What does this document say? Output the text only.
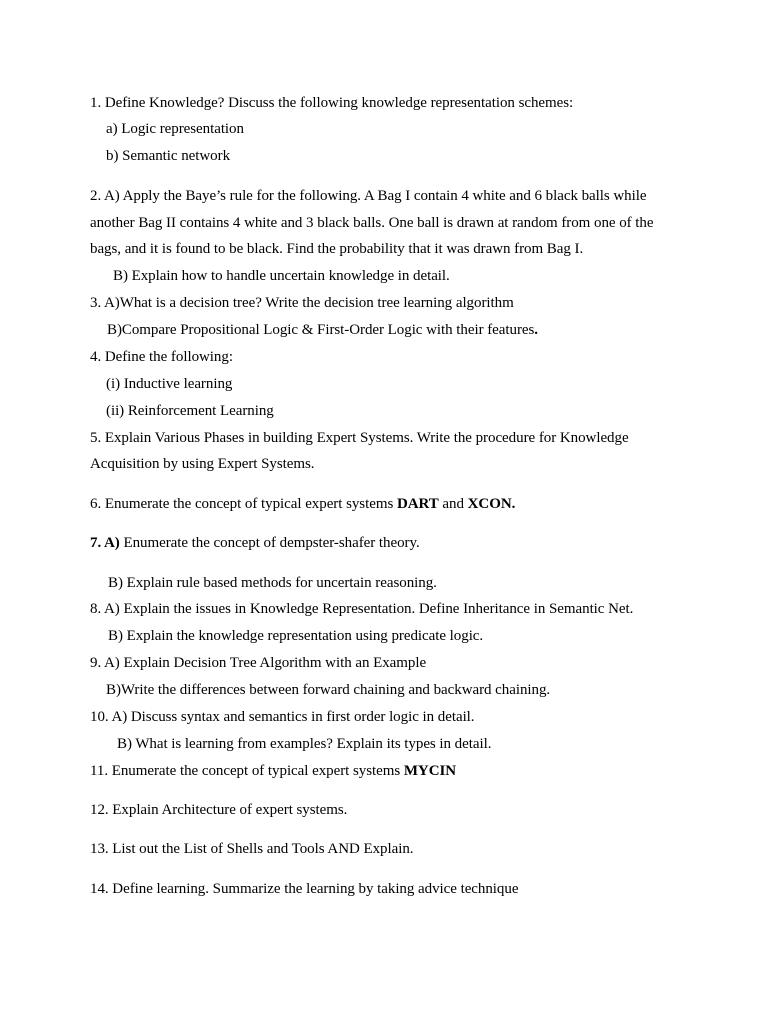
1. Define Knowledge? Discuss the following knowledge representation schemes:
a) Logic representation
b) Semantic network
2. A) Apply the Baye’s rule for the following. A Bag I contain 4 white and 6 black balls while
another Bag II contains 4 white and 3 black balls. One ball is drawn at random from one of the
bags, and it is found to be black. Find the probability that it was drawn from Bag I.
B) Explain how to handle uncertain knowledge in detail.
3. A)What is a decision tree? Write the decision tree learning algorithm
B)Compare Propositional Logic & First-Order Logic with their features.
4. Define the following:
(i) Inductive learning
(ii) Reinforcement Learning
5. Explain Various Phases in building Expert Systems. Write the procedure for Knowledge
Acquisition by using Expert Systems.
6. Enumerate the concept of typical expert systems DART and XCON.
7. A) Enumerate the concept of dempster-shafer theory.
B) Explain rule based methods for uncertain reasoning.
8. A) Explain the issues in Knowledge Representation. Define Inheritance in Semantic Net.
B) Explain the knowledge representation using predicate logic.
9. A) Explain Decision Tree Algorithm with an Example
B)Write the differences between forward chaining and backward chaining.
10. A) Discuss syntax and semantics in first order logic in detail.
B) What is learning from examples? Explain its types in detail.
11. Enumerate the concept of typical expert systems MYCIN
12. Explain Architecture of expert systems.
13. List out the List of Shells and Tools AND Explain.
14. Define learning. Summarize the learning by taking advice technique
